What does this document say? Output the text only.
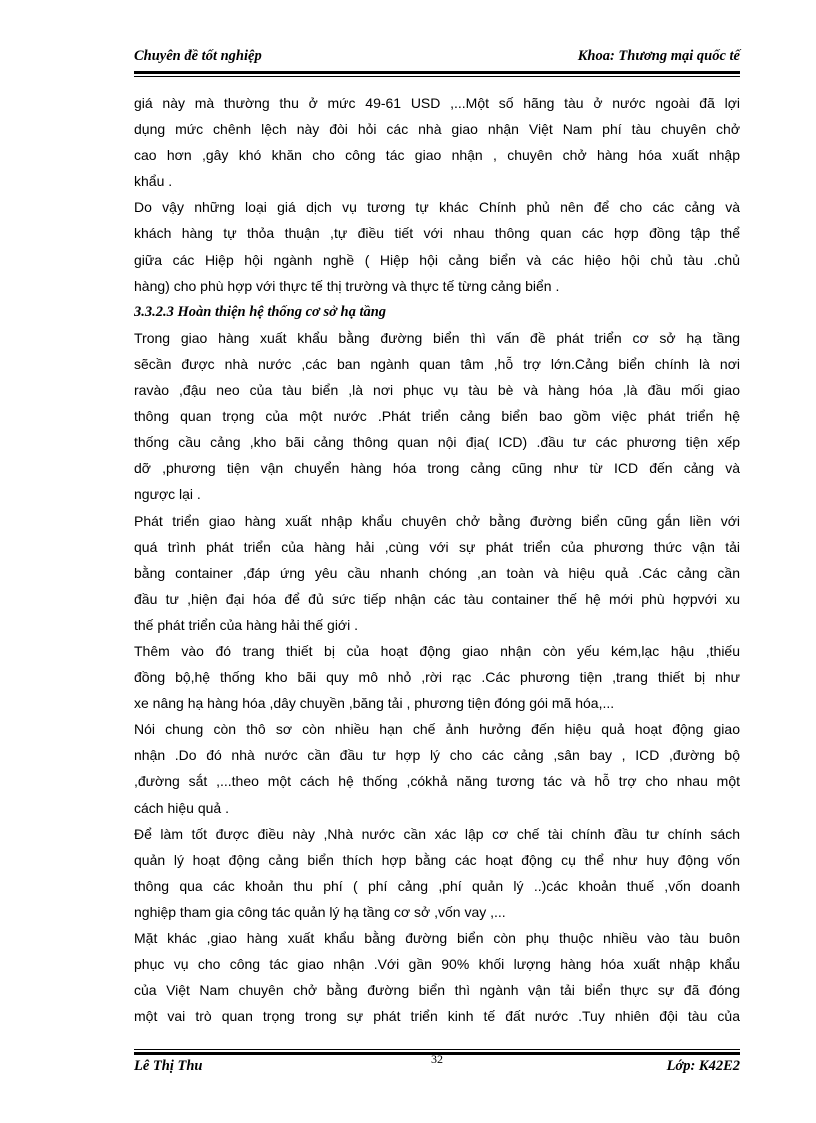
Chuyên đề tốt nghiệp	Khoa: Thương mại quốc tế
giá này mà thường thu ở mức 49-61 USD ,...Một số hãng tàu ở nước ngoài đã lợi
dụng mức chênh lệch này đòi hỏi các nhà giao nhận Việt Nam phí tàu chuyên chở
cao hơn ,gây khó khăn cho công tác giao nhận , chuyên chở hàng hóa xuất nhập
khẩu .
Do vậy những loại giá dịch vụ tương tự khác Chính phủ nên để cho các cảng và
khách hàng tự thỏa thuận ,tự điều tiết với nhau thông quan các hợp đồng tập thể
giữa các Hiệp hội ngành nghề ( Hiệp hội cảng biển và các hiệo hội chủ tàu .chủ
hàng) cho phù hợp với thực tế thị trường và thực tế từng cảng biển .
3.3.2.3 Hoàn thiện hệ thống cơ sở hạ tầng
Trong giao hàng xuất khẩu bằng đường biển thì vấn đề phát triển cơ sở hạ tầng
sẽcần được nhà nước ,các ban ngành quan tâm ,hỗ trợ lớn.Cảng biển chính là nơi
ravào ,đậu neo của tàu biển ,là nơi phục vụ tàu bè và hàng hóa ,là đầu mối giao
thông quan trọng của một nước .Phát triển cảng biển bao gồm việc phát triển hệ
thống cầu cảng ,kho bãi cảng thông quan nội địa( ICD) .đầu tư các phương tiện xếp
dỡ ,phương tiện vận chuyển hàng hóa trong cảng cũng như từ ICD đến cảng và
ngược lại .
Phát triển giao hàng xuất nhập khẩu chuyên chở bằng đường biển cũng gắn liền với
quá trình phát triển của hàng hải ,cùng với sự phát triển của phương thức vận tải
bằng container ,đáp ứng yêu cầu nhanh chóng ,an toàn và hiệu quả .Các cảng cần
đầu tư ,hiện đại hóa để đủ sức tiếp nhận các tàu container thế hệ mới phù hợpvới xu
thế phát triển của hàng hải thế giới .
Thêm vào đó trang thiết bị của hoạt động giao nhận còn yếu kém,lạc hậu ,thiếu
đồng bộ,hệ thống kho bãi quy mô nhỏ ,rời rạc .Các phương tiện ,trang thiết bị như
xe nâng hạ hàng hóa ,dây chuyền ,băng tải , phương tiện đóng gói mã hóa,...
Nói chung còn thô sơ còn nhiều hạn chế ảnh hưởng đến hiệu quả hoạt động giao
nhận .Do đó nhà nước cần đầu tư hợp lý cho các cảng ,sân bay , ICD ,đường bộ
,đường sắt ,...theo một cách hệ thống ,cókhả năng tương tác và hỗ trợ cho nhau một
cách hiệu quả .
Để làm tốt được điều này ,Nhà nước cần xác lập cơ chế tài chính đầu tư chính sách
quản lý hoạt động cảng biển thích hợp bằng các hoạt động cụ thể như huy động vốn
thông qua các khoản thu phí ( phí cảng ,phí quản lý ..)các khoản thuế ,vốn doanh
nghiệp tham gia công tác quản lý hạ tầng cơ sở ,vốn vay ,...
Mặt khác ,giao hàng xuất khẩu bằng đường biển còn phụ thuộc nhiều vào tàu buôn
phục vụ cho công tác giao nhận .Với gần 90% khối lượng hàng hóa xuất nhập khẩu
của Việt Nam chuyên chở bằng đường biển thì ngành vận tải biển thực sự đã đóng
một vai trò quan trọng trong sự phát triển kinh tế đất nước .Tuy nhiên đội tàu của
Lê Thị Thu	32	Lớp: K42E2
